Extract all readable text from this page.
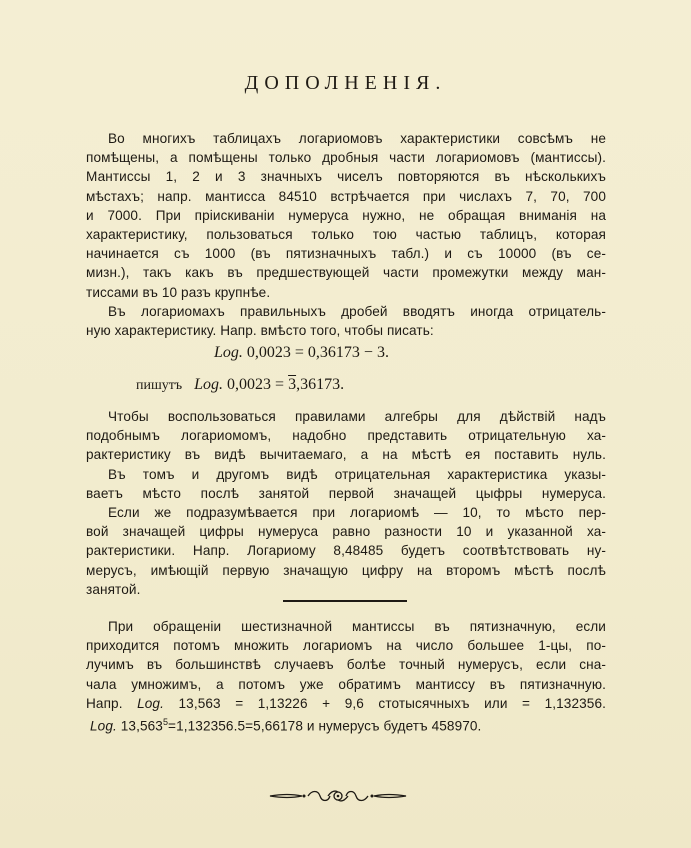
ДОПОЛНЕНІЯ.
Во многихъ таблицахъ логариомовъ характеристики совсѣмъ не
помѣщены, а помѣщены только дробныя части логариомовъ (мантиссы).
Мантиссы 1, 2 и 3 значныхъ чиселъ повторяются въ нѣсколькихъ
мѣстахъ; напр. мантисса 84510 встрѣчается при числахъ 7, 70, 700
и 7000. При пріискиваніи нумеруса нужно, не обращая вниманія на
характеристику, пользоваться только тою частью таблицъ, которая
начинается съ 1000 (въ пятизначныхъ табл.) и съ 10000 (въ се-
мизн.), такъ какъ въ предшествующей части промежутки между ман-
тиссами въ 10 разъ крупнѣе.
Въ логариомахъ правильныхъ дробей вводятъ иногда отрицатель-
ную характеристику. Напр. вмѣсто того, чтобы писать:
Log. 0,0023 = 0,36173 − 3.
пишутъ Log. 0,0023 = 3,36173.
Чтобы воспользоваться правилами алгебры для дѣйствій надъ
подобнымъ логариомомъ, надобно представить отрицательную ха-
рактеристику въ видѣ вычитаемаго, а на мѣстѣ ея поставить нуль.
Въ томъ и другомъ видѣ отрицательная характеристика указы-
ваетъ мѣсто послѣ занятой первой значащей цыфры нумеруса.
Если же подразумѣвается при логариомѣ — 10, то мѣсто пер-
вой значащей цифры нумеруса равно разности 10 и указанной ха-
рактеристики. Напр. Логариому 8,48485 будетъ соотвѣтствовать ну-
мерусъ, имѣющій первую значащую цифру на второмъ мѣстѣ послѣ
занятой.
При обращеніи шестизначной мантиссы въ пятизначную, если
приходится потомъ множить логариомъ на число большее 1-цы, по-
лучимъ въ большинствѣ случаевъ болѣе точный нумерусъ, если сна-
чала умножимъ, а потомъ уже обратимъ мантиссу въ пятизначную.
Напр. Log. 13,563 = 1,13226 + 9,6 стотысячныхъ или = 1,132356.
Log. $13,563^5=1,132356.5=5,66178$ и нумерусъ будетъ 458970.
